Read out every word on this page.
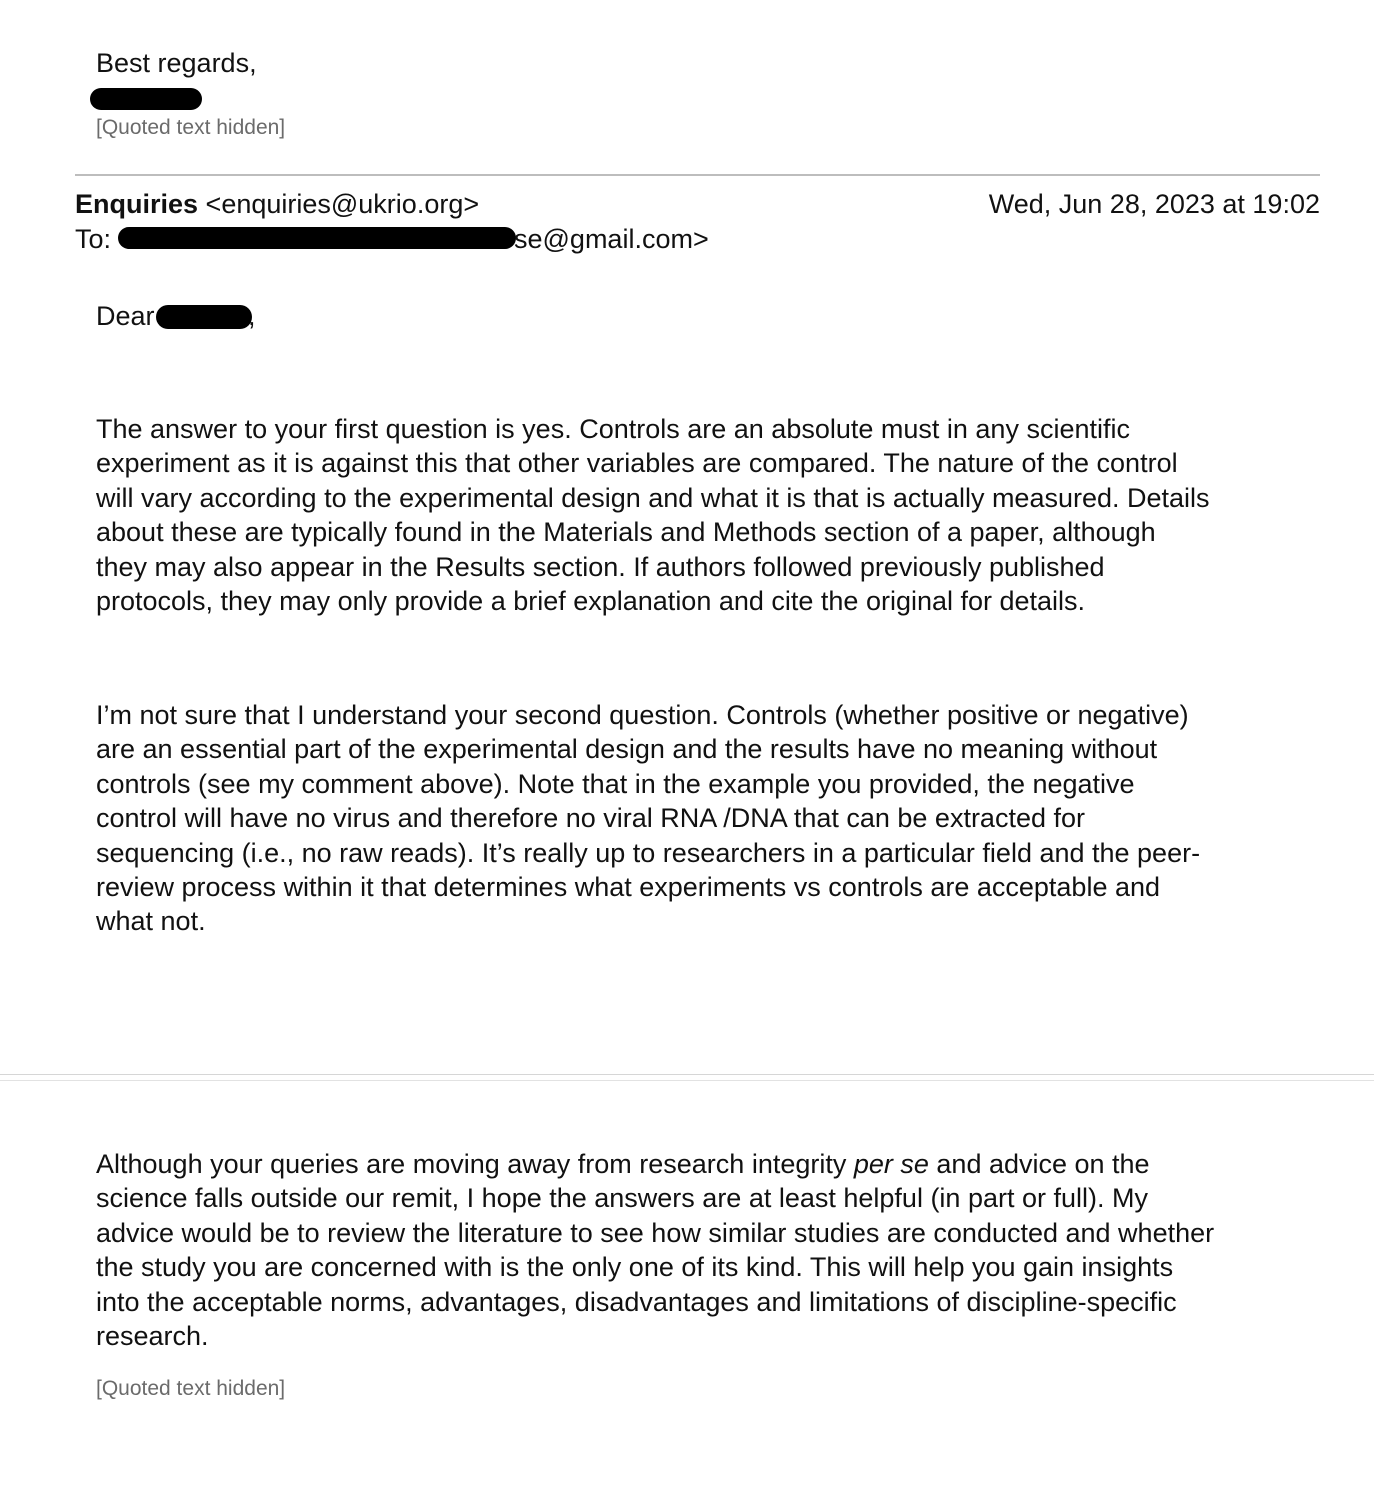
Best regards,

[Quoted text hidden]
Enquiries <enquiries@ukrio.org>	Wed, Jun 28, 2023 at 19:02
To:	se@gmail.com>
Dear	,
The answer to your first question is yes. Controls are an absolute must in any scientific
experiment as it is against this that other variables are compared. The nature of the control
will vary according to the experimental design and what it is that is actually measured. Details
about these are typically found in the Materials and Methods section of a paper, although
they may also appear in the Results section. If authors followed previously published
protocols, they may only provide a brief explanation and cite the original for details.
I’m not sure that I understand your second question. Controls (whether positive or negative)
are an essential part of the experimental design and the results have no meaning without
controls (see my comment above). Note that in the example you provided, the negative
control will have no virus and therefore no viral RNA /DNA that can be extracted for
sequencing (i.e., no raw reads). It’s really up to researchers in a particular field and the peer-
review process within it that determines what experiments vs controls are acceptable and
what not.
Although your queries are moving away from research integrity per se and advice on the
science falls outside our remit, I hope the answers are at least helpful (in part or full). My
advice would be to review the literature to see how similar studies are conducted and whether
the study you are concerned with is the only one of its kind. This will help you gain insights
into the acceptable norms, advantages, disadvantages and limitations of discipline-specific
research.
[Quoted text hidden]
